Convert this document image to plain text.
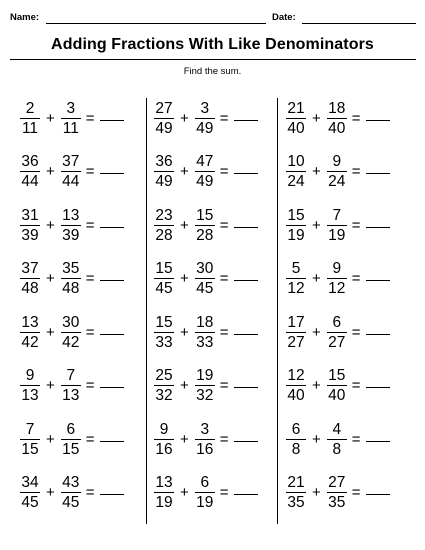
Name:	Date:
Adding Fractions With Like Denominators
Find the sum.
$\frac{2}{11} + \frac{3}{11}$ =
$\frac{36}{44} + \frac{37}{44}$ =
$\frac{31}{39} + \frac{13}{39}$ =
$\frac{37}{48} + \frac{35}{48}$ =
$\frac{13}{42} + \frac{30}{42}$ =
$\frac{9}{13} + \frac{7}{13}$ =
$\frac{7}{15} + \frac{6}{15}$ =
$\frac{34}{45} + \frac{43}{45}$ =
$\frac{27}{49} + \frac{3}{49}$ =
$\frac{36}{49} + \frac{47}{49}$ =
$\frac{23}{28} + \frac{15}{28}$ =
$\frac{15}{45} + \frac{30}{45}$ =
$\frac{15}{33} + \frac{18}{33}$ =
$\frac{25}{32} + \frac{19}{32}$ =
$\frac{9}{16} + \frac{3}{16}$ =
$\frac{13}{19} + \frac{6}{19}$ =
$\frac{21}{40} + \frac{18}{40}$ =
$\frac{10}{24} + \frac{9}{24}$ =
$\frac{15}{19} + \frac{7}{19}$ =
$\frac{5}{12} + \frac{9}{12}$ =
$\frac{17}{27} + \frac{6}{27}$ =
$\frac{12}{40} + \frac{15}{40}$ =
$\frac{6}{8} + \frac{4}{8}$ =
$\frac{21}{35} + \frac{27}{35}$ =
